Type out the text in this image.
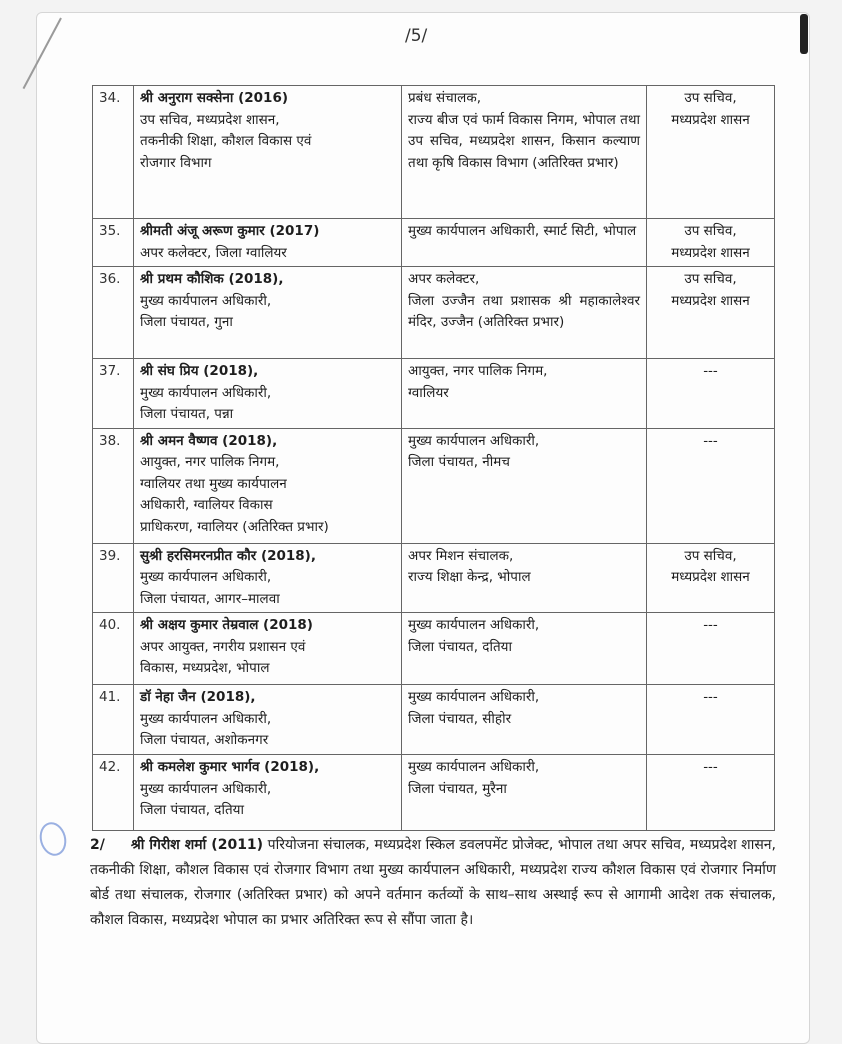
/5/
34.	श्री अनुराग सक्सेना (2016)
उप सचिव, मध्यप्रदेश शासन,
तकनीकी शिक्षा, कौशल विकास एवं
रोजगार विभाग	प्रबंध संचालक,
राज्य बीज एवं फार्म विकास निगम, भोपाल तथा उप सचिव, मध्यप्रदेश शासन, किसान कल्याण तथा कृषि विकास विभाग (अतिरिक्त प्रभार)	उप सचिव,
मध्यप्रदेश शासन
35.	श्रीमती अंजू अरूण कुमार (2017)
अपर कलेक्टर, जिला ग्वालियर	मुख्य कार्यपालन अधिकारी, स्मार्ट सिटी, भोपाल	उप सचिव,
मध्यप्रदेश शासन
36.	श्री प्रथम कौशिक (2018),
मुख्य कार्यपालन अधिकारी,
जिला पंचायत, गुना	अपर कलेक्टर,
जिला उज्जैन तथा प्रशासक श्री महाकालेश्वर मंदिर, उज्जैन (अतिरिक्त प्रभार)	उप सचिव,
मध्यप्रदेश शासन
37.	श्री संघ प्रिय (2018),
मुख्य कार्यपालन अधिकारी,
जिला पंचायत, पन्ना	आयुक्त, नगर पालिक निगम,
ग्वालियर	---
38.	श्री अमन वैष्णव (2018),
आयुक्त, नगर पालिक निगम,
ग्वालियर तथा मुख्य कार्यपालन
अधिकारी, ग्वालियर विकास
प्राधिकरण, ग्वालियर (अतिरिक्त प्रभार)	मुख्य कार्यपालन अधिकारी,
जिला पंचायत, नीमच	---
39.	सुश्री हरसिमरनप्रीत कौर (2018),
मुख्य कार्यपालन अधिकारी,
जिला पंचायत, आगर–मालवा	अपर मिशन संचालक,
राज्य शिक्षा केन्द्र, भोपाल	उप सचिव,
मध्यप्रदेश शासन
40.	श्री अक्षय कुमार तेम्रवाल (2018)
अपर आयुक्त, नगरीय प्रशासन एवं
विकास, मध्यप्रदेश, भोपाल	मुख्य कार्यपालन अधिकारी,
जिला पंचायत, दतिया	---
41.	डॉ नेहा जैन (2018),
मुख्य कार्यपालन अधिकारी,
जिला पंचायत, अशोकनगर	मुख्य कार्यपालन अधिकारी,
जिला पंचायत, सीहोर	---
42.	श्री कमलेश कुमार भार्गव (2018),
मुख्य कार्यपालन अधिकारी,
जिला पंचायत, दतिया	मुख्य कार्यपालन अधिकारी,
जिला पंचायत, मुरैना	---
2/ श्री गिरीश शर्मा (2011) परियोजना संचालक, मध्यप्रदेश स्किल डवलपमेंट प्रोजेक्ट, भोपाल तथा अपर सचिव, मध्यप्रदेश शासन, तकनीकी शिक्षा, कौशल विकास एवं रोजगार विभाग तथा मुख्य कार्यपालन अधिकारी, मध्यप्रदेश राज्य कौशल विकास एवं रोजगार निर्माण बोर्ड तथा संचालक, रोजगार (अतिरिक्त प्रभार) को अपने वर्तमान कर्तव्यों के साथ–साथ अस्थाई रूप से आगामी आदेश तक संचालक, कौशल विकास, मध्यप्रदेश भोपाल का प्रभार अतिरिक्त रूप से सौंपा जाता है।
